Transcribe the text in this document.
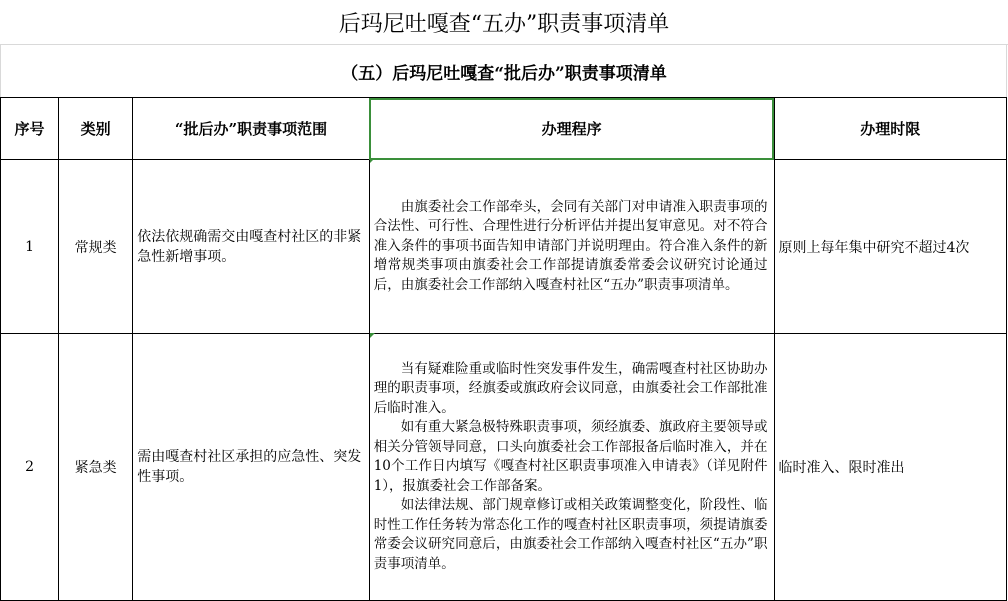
后玛尼吐嘎查“五办”职责事项清单
（五）后玛尼吐嘎查“批后办”职责事项清单
序号	类别	“批后办”职责事项范围	办理程序	办理时限
1	常规类	依法依规确需交由嘎查村社区的非紧急性新增事项。	由旗委社会工作部牵头，会同有关部门对申请准入职责事项的合法性、可行性、合理性进行分析评估并提出复审意见。对不符合准入条件的事项书面告知申请部门并说明理由。符合准入条件的新增常规类事项由旗委社会工作部提请旗委常委会议研究讨论通过后，由旗委社会工作部纳入嘎查村社区“五办”职责事项清单。	原则上每年集中研究不超过4次
2	紧急类	需由嘎查村社区承担的应急性、突发性事项。	当有疑难险重或临时性突发事件发生，确需嘎查村社区协助办理的职责事项，经旗委或旗政府会议同意，由旗委社会工作部批准后临时准入。

如有重大紧急极特殊职责事项，须经旗委、旗政府主要领导或相关分管领导同意，口头向旗委社会工作部报备后临时准入，并在10个工作日内填写《嘎查村社区职责事项准入申请表》（详见附件1），报旗委社会工作部备案。

如法律法规、部门规章修订或相关政策调整变化，阶段性、临时性工作任务转为常态化工作的嘎查村社区职责事项，须提请旗委常委会议研究同意后，由旗委社会工作部纳入嘎查村社区“五办”职责事项清单。	临时准入、限时准出
